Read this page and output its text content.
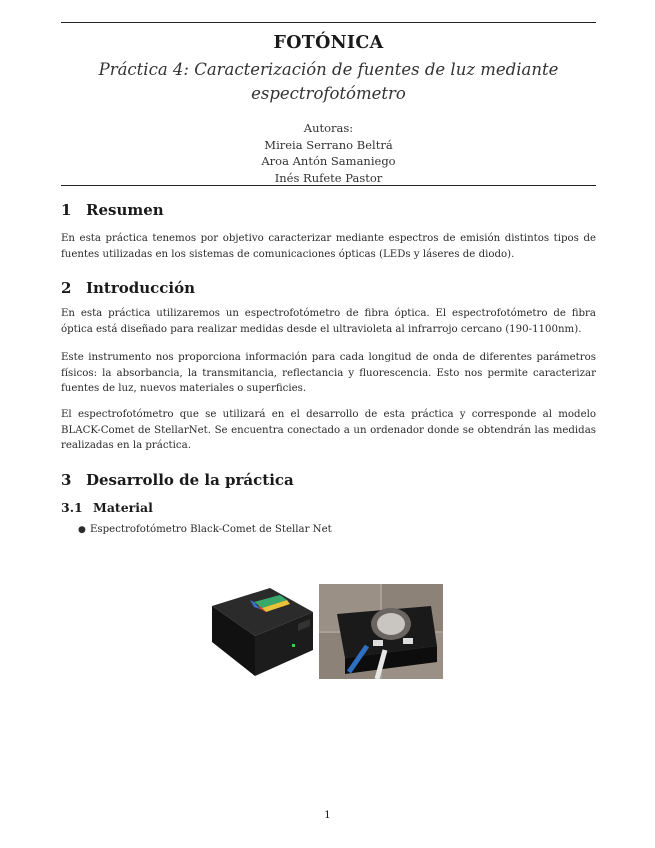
FOTÓNICA
Práctica 4: Caracterización de fuentes de luz mediante
espectrofotómetro
Autoras:
Mireia Serrano Beltrá
Aroa Antón Samaniego
Inés Rufete Pastor
1 Resumen
En esta práctica tenemos por objetivo caracterizar mediante espectros de emisión distintos tipos de fuentes utilizadas en los sistemas de comunicaciones ópticas (LEDs y láseres de diodo).
2 Introducción
En esta práctica utilizaremos un espectrofotómetro de fibra óptica. El espectrofotómetro de fibra óptica está diseñado para realizar medidas desde el ultravioleta al infrarrojo cercano (190-1100nm).
Este instrumento nos proporciona información para cada longitud de onda de diferentes parámetros físicos: la absorbancia, la transmitancia, reflectancia y fluorescencia. Esto nos permite caracterizar fuentes de luz, nuevos materiales o superficies.
El espectrofotómetro que se utilizará en el desarrollo de esta práctica y corresponde al modelo BLACK-Comet de StellarNet. Se encuentra conectado a un ordenador donde se obtendrán las medidas realizadas en la práctica.
3 Desarrollo de la práctica
3.1 Material
● Espectrofotómetro Black-Comet de Stellar Net
1
